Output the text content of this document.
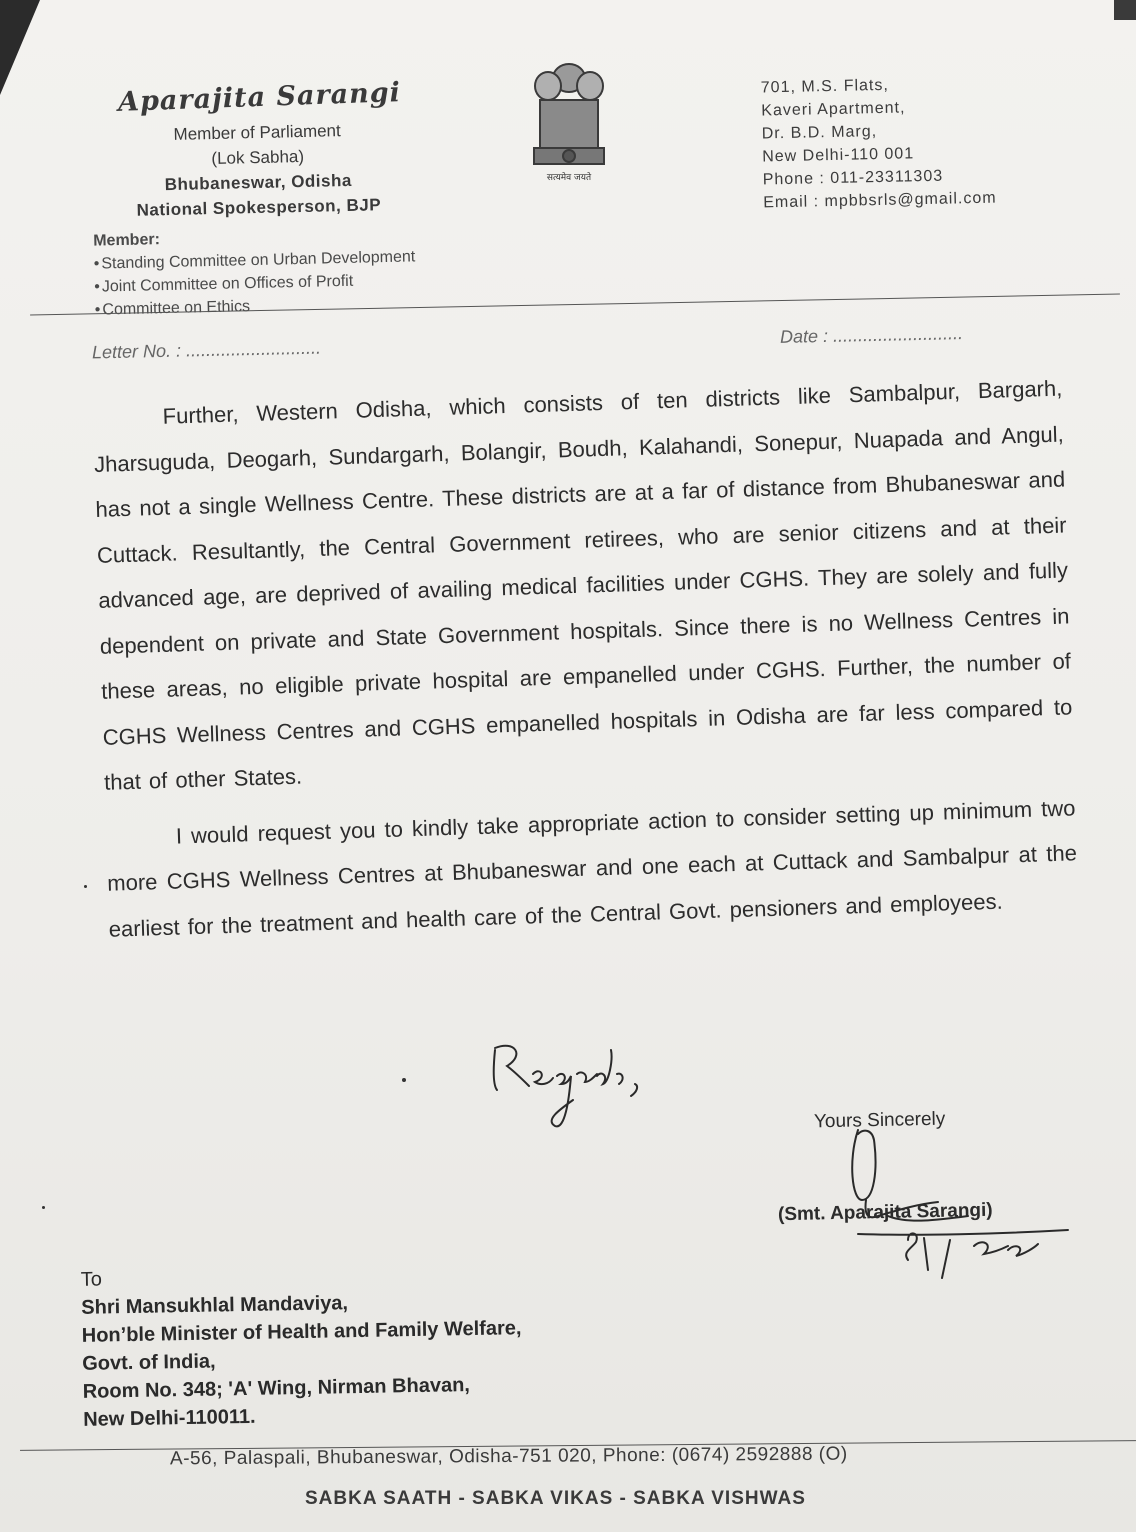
Aparajita Sarangi
Member of Parliament
(Lok Sabha)
Bhubaneswar, Odisha
National Spokesperson, BJP
Member:
• Standing Committee on Urban Development
• Joint Committee on Offices of Profit
• Committee on Ethics
सत्यमेव जयते
701, M.S. Flats,
Kaveri Apartment,
Dr. B.D. Marg,
New Delhi-110 001
Phone : 011-23311303
Email : mpbbsrls@gmail.com
Letter No. : ...........................
Date : ..........................

Further, Western Odisha, which consists of ten districts like Sambalpur, Bargarh, Jharsuguda, Deogarh, Sundargarh, Bolangir, Boudh, Kalahandi, Sonepur, Nuapada and Angul, has not a single Wellness Centre. These districts are at a far of distance from Bhubaneswar and Cuttack. Resultantly, the Central Government retirees, who are senior citizens and at their advanced age, are deprived of availing medical facilities under CGHS. They are solely and fully dependent on private and State Government hospitals. Since there is no Wellness Centres in these areas, no eligible private hospital are empanelled under CGHS. Further, the number of CGHS Wellness Centres and CGHS empanelled hospitals in Odisha are far less compared to that of other States.

I would request you to kindly take appropriate action to consider setting up minimum two more CGHS Wellness Centres at Bhubaneswar and one each at Cuttack and Sambalpur at the earliest for the treatment and health care of the Central Govt. pensioners and employees.

Yours Sincerely
(Smt. Aparajita Sarangi)
To
Shri Mansukhlal Mandaviya,
Hon’ble Minister of Health and Family Welfare,
Govt. of India,
Room No. 348; 'A' Wing, Nirman Bhavan,
New Delhi-110011.
A-56, Palaspali, Bhubaneswar, Odisha-751 020, Phone: (0674) 2592888 (O)
SABKA SAATH - SABKA VIKAS - SABKA VISHWAS
